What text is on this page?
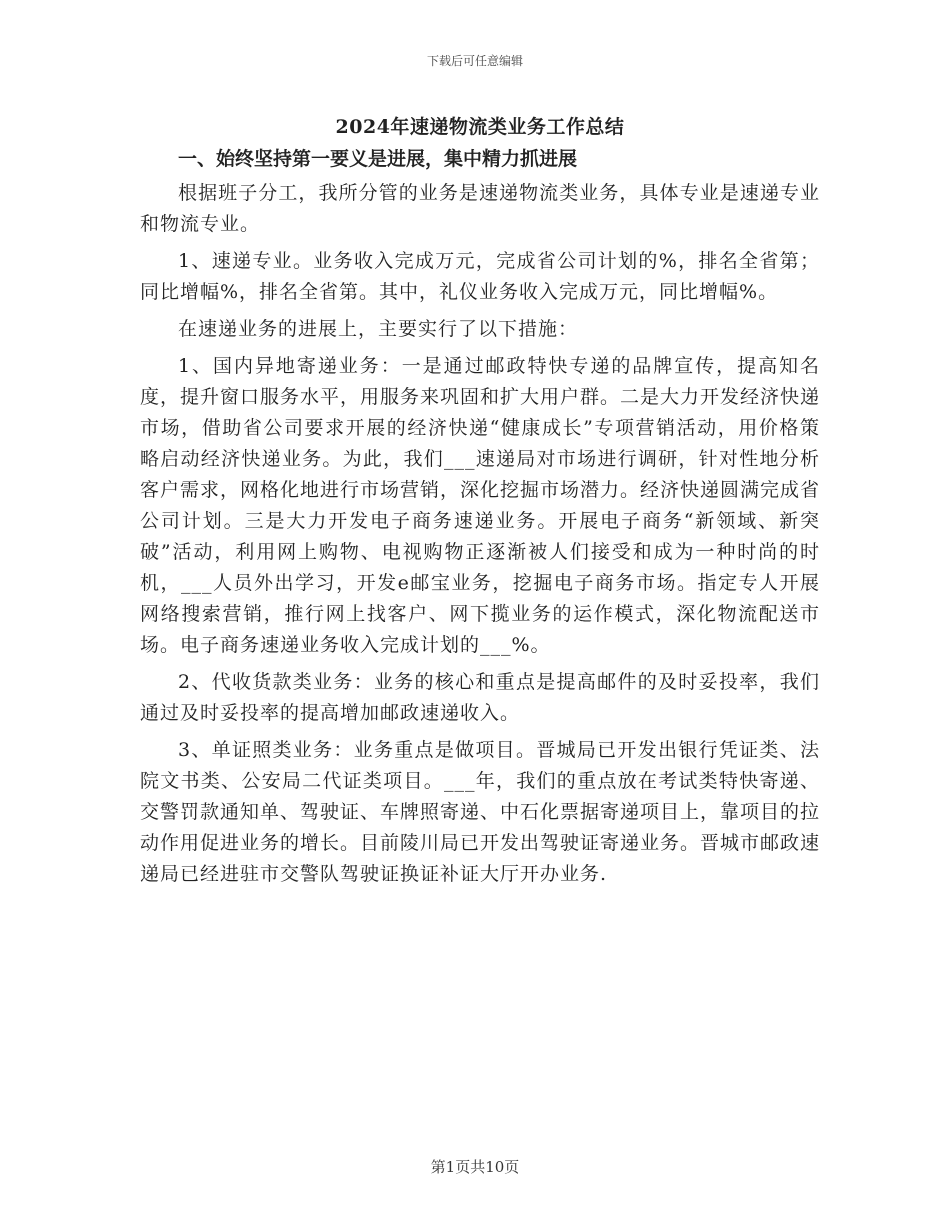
下载后可任意编辑
2024年速递物流类业务工作总结
一、始终坚持第一要义是进展，集中精力抓进展

根据班子分工，我所分管的业务是速递物流类业务，具体专业是速递专业和物流专业。

1、速递专业。业务收入完成万元，完成省公司计划的%，排名全省第；同比增幅%，排名全省第。其中，礼仪业务收入完成万元，同比增幅%。

在速递业务的进展上，主要实行了以下措施：

1、国内异地寄递业务：一是通过邮政特快专递的品牌宣传，提高知名度，提升窗口服务水平，用服务来巩固和扩大用户群。二是大力开发经济快递市场，借助省公司要求开展的经济快递“健康成长”专项营销活动，用价格策略启动经济快递业务。为此，我们___速递局对市场进行调研，针对性地分析客户需求，网格化地进行市场营销，深化挖掘市场潜力。经济快递圆满完成省公司计划。三是大力开发电子商务速递业务。开展电子商务“新领域、新突破”活动，利用网上购物、电视购物正逐渐被人们接受和成为一种时尚的时机，___人员外出学习，开发e邮宝业务，挖掘电子商务市场。指定专人开展网络搜索营销，推行网上找客户、网下揽业务的运作模式，深化物流配送市场。电子商务速递业务收入完成计划的___%。

2、代收货款类业务：业务的核心和重点是提高邮件的及时妥投率，我们通过及时妥投率的提高增加邮政速递收入。

3、单证照类业务：业务重点是做项目。晋城局已开发出银行凭证类、法院文书类、公安局二代证类项目。___年，我们的重点放在考试类特快寄递、交警罚款通知单、驾驶证、车牌照寄递、中石化票据寄递项目上，靠项目的拉动作用促进业务的增长。目前陵川局已开发出驾驶证寄递业务。晋城市邮政速递局已经进驻市交警队驾驶证换证补证大厅开办业务.

第1页共10页
